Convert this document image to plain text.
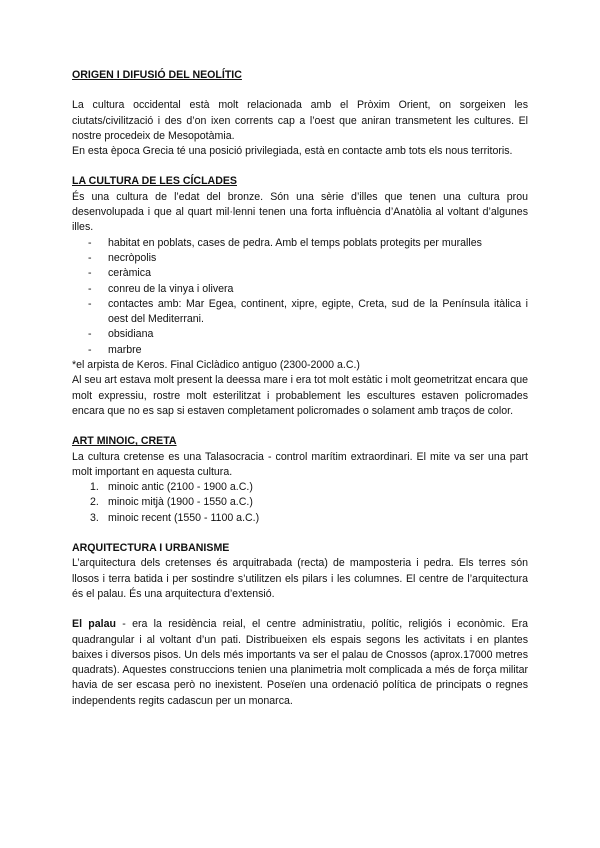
ORIGEN I DIFUSIÓ DEL NEOLÍTIC

La cultura occidental està molt relacionada amb el Pròxim Orient, on sorgeixen les ciutats/civilització i des d’on ixen corrents cap a l’oest que aniran transmetent les cultures. El nostre procedeix de Mesopotàmia.

En esta època Grecia té una posició privilegiada, està en contacte amb tots els nous territoris.

LA CULTURA DE LES CÍCLADES

És una cultura de l’edat del bronze. Són una sèrie d’illes que tenen una cultura prou desenvolupada i que al quart mil·lenni tenen una forta influència d’Anatòlia al voltant d’algunes illes.

- habitat en poblats, cases de pedra. Amb el temps poblats protegits per muralles
- necròpolis
- ceràmica
- conreu de la vinya i olivera
- contactes amb: Mar Egea, continent, xipre, egipte, Creta, sud de la Península itàlica i oest del Mediterrani.
- obsidiana
- marbre

*el arpista de Keros. Final Ciclàdico antiguo (2300-2000 a.C.)

Al seu art estava molt present la deessa mare i era tot molt estàtic i molt geometritzat encara que molt expressiu, rostre molt esterilitzat i probablement les escultures estaven policromades encara que no es sap si estaven completament policromades o solament amb traços de color.

ART MINOIC, CRETA

La cultura cretense es una Talasocracia - control marítim extraordinari. El mite va ser una part molt important en aquesta cultura.

1. minoic antic (2100 - 1900 a.C.)
2. minoic mitjà (1900 - 1550 a.C.)
3. minoic recent (1550 - 1100 a.C.)
ARQUITECTURA I URBANISME

L’arquitectura dels cretenses és arquitrabada (recta) de mamposteria i pedra. Els terres són llosos i terra batida i per sostindre s’utilitzen els pilars i les columnes. El centre de l’arquitectura és el palau. És una arquitectura d’extensió.

El palau - era la residència reial, el centre administratiu, polític, religiós i econòmic. Era quadrangular i al voltant d’un pati. Distribueixen els espais segons les activitats i en plantes baixes i diversos pisos. Un dels més importants va ser el palau de Cnossos (aprox.17000 metres quadrats). Aquestes construccions tenien una planimetria molt complicada a més de força militar havia de ser escasa però no inexistent. Poseïen una ordenació política de principats o regnes independents regits cadascun per un monarca.
